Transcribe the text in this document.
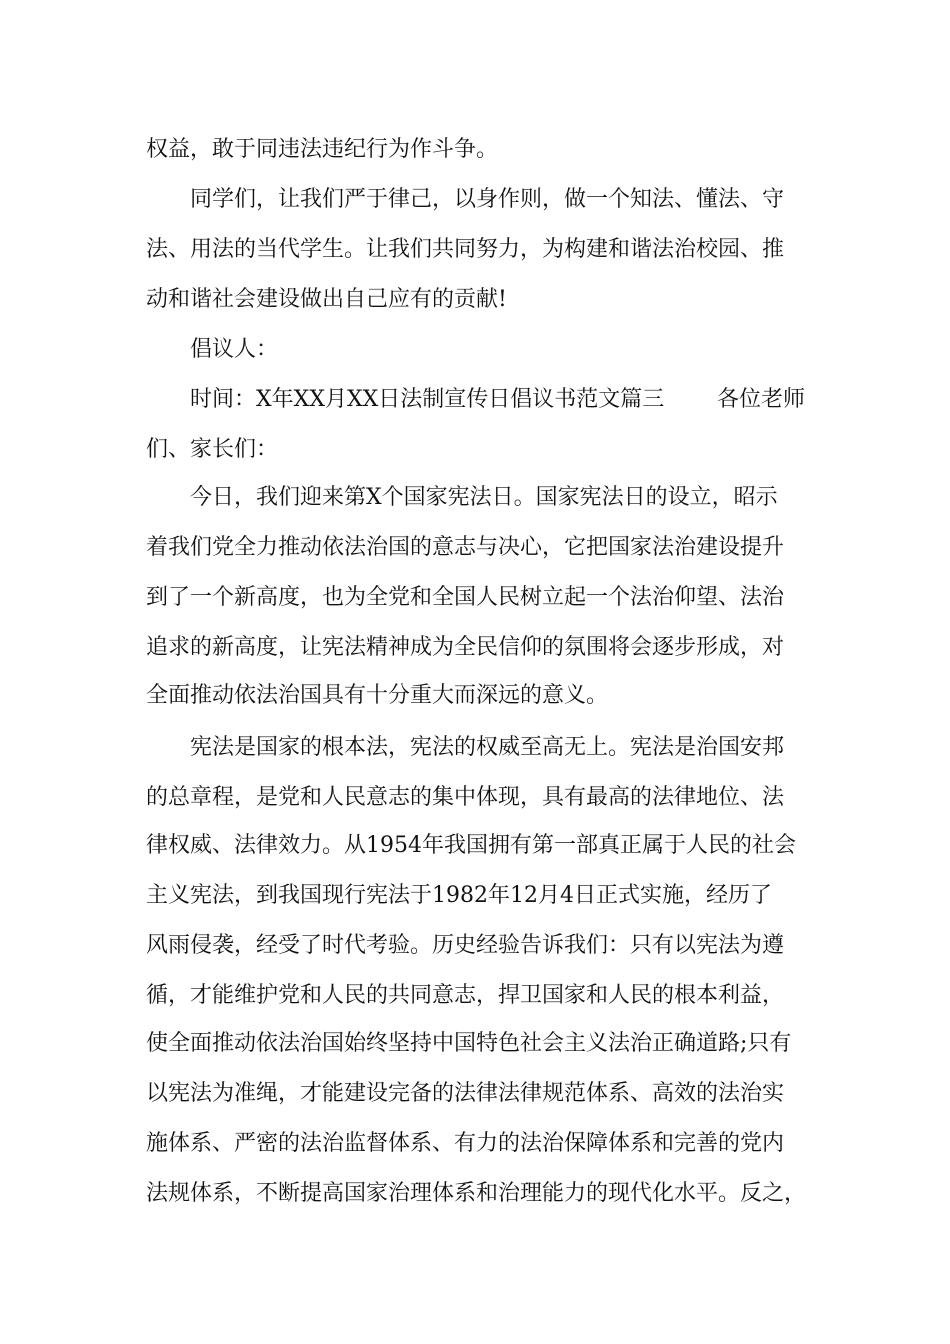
权益，敢于同违法违纪行为作斗争。
同学们，让我们严于律己，以身作则，做一个知法、懂法、守
法、用法的当代学生。让我们共同努力，为构建和谐法治校园、推
动和谐社会建设做出自己应有的贡献!
倡议人：
时间：X年XX月XX日法制宣传日倡议书范文篇三 各位老师
们、家长们：
今日，我们迎来第X个国家宪法日。国家宪法日的设立，昭示
着我们党全力推动依法治国的意志与决心，它把国家法治建设提升
到了一个新高度，也为全党和全国人民树立起一个法治仰望、法治
追求的新高度，让宪法精神成为全民信仰的氛围将会逐步形成，对
全面推动依法治国具有十分重大而深远的意义。
宪法是国家的根本法，宪法的权威至高无上。宪法是治国安邦
的总章程，是党和人民意志的集中体现，具有最高的法律地位、法
律权威、法律效力。从1954年我国拥有第一部真正属于人民的社会
主义宪法，到我国现行宪法于1982年12月4日正式实施，经历了
风雨侵袭，经受了时代考验。历史经验告诉我们：只有以宪法为遵
循，才能维护党和人民的共同意志，捍卫国家和人民的根本利益，
使全面推动依法治国始终坚持中国特色社会主义法治正确道路;只有
以宪法为准绳，才能建设完备的法律法律规范体系、高效的法治实
施体系、严密的法治监督体系、有力的法治保障体系和完善的党内
法规体系，不断提高国家治理体系和治理能力的现代化水平。反之，
